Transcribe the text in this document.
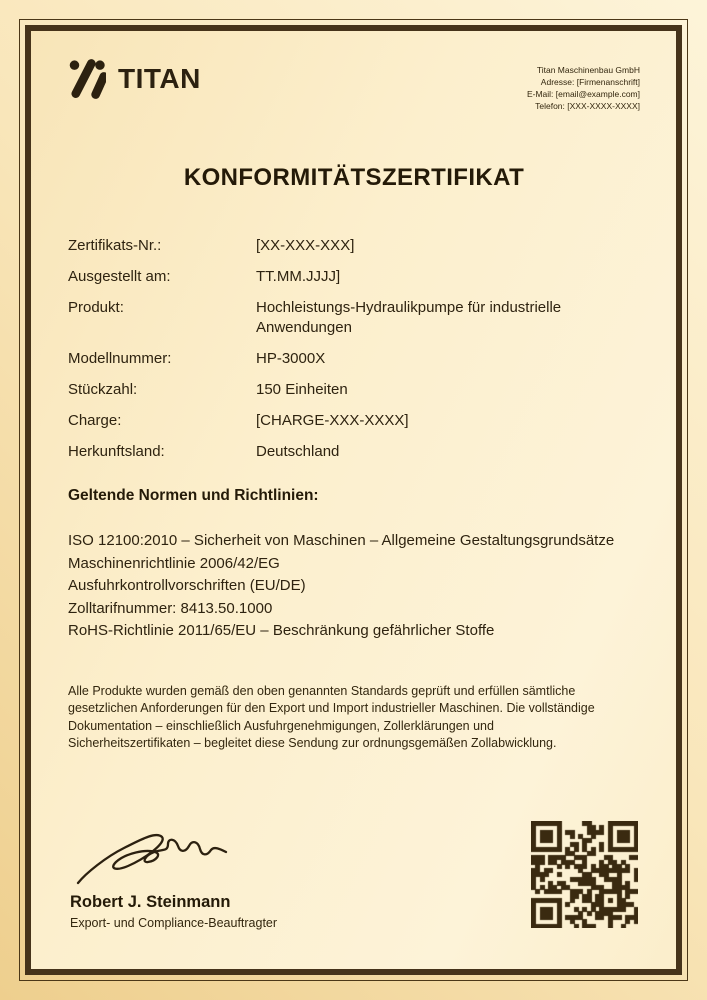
TITAN	Titan Maschinenbau GmbH
Adresse: [Firmenanschrift]
E-Mail: [email@example.com]
Telefon: [XXX-XXXX-XXXX]
KONFORMITÄTSZERTIFIKAT
Zertifikats-Nr.:	[XX-XXX-XXX]
Ausgestellt am:	TT.MM.JJJJ]
Produkt:	Hochleistungs-Hydraulikpumpe für industrielle Anwendungen
Modellnummer:	HP-3000X
Stückzahl:	150 Einheiten
Charge:	[CHARGE-XXX-XXXX]
Herkunftsland:	Deutschland
Geltende Normen und Richtlinien:
ISO 12100:2010 – Sicherheit von Maschinen – Allgemeine Gestaltungsgrundsätze
Maschinenrichtlinie 2006/42/EG
Ausfuhrkontrollvorschriften (EU/DE)
Zolltarifnummer: 8413.50.1000
RoHS-Richtlinie 2011/65/EU – Beschränkung gefährlicher Stoffe

Alle Produkte wurden gemäß den oben genannten Standards geprüft und erfüllen sämtliche gesetzlichen Anforderungen für den Export und Import industrieller Maschinen. Die vollständige Dokumentation – einschließlich Ausfuhrgenehmigungen, Zollerklärungen und Sicherheitszertifikaten – begleitet diese Sendung zur ordnungsgemäßen Zollabwicklung.

Robert J. Steinmann
Export- und Compliance-Beauftragter
